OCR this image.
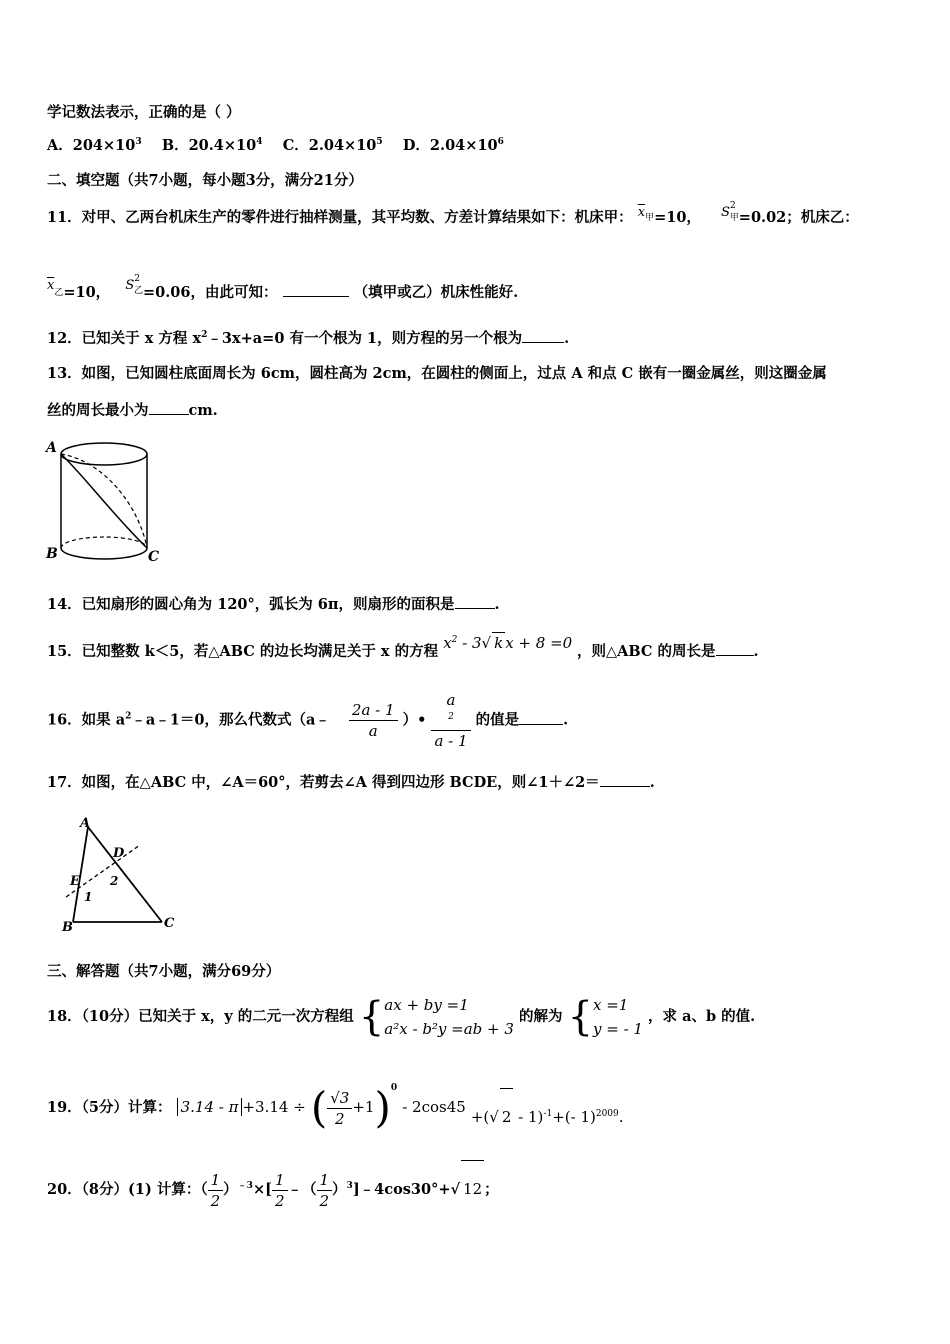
学记数法表示，正确的是（ ）
A．$204\times 10^3$ B．$20.4\times 10^4$ C．$2.04\times 10^5$ D．$2.04\times 10^6$
二、填空题（共7小题，每小题3分，满分21分）
11．对甲、乙两台机床生产的零件进行抽样测量，其平均数、方差计算结果如下：机床甲： $\overline{x}$甲=10， $S^2$甲=0.02；机床乙：
$\overline{x}$乙=10， $S^{2乙}=0.06$，由此可知：	（填甲或乙）机床性能好.
12．已知关于 x 方程 $x^2﹣3x+a=0$ 有一个根为 1，则方程的另一个根为	.
13．如图，已知圆柱底面周长为 6cm，圆柱高为 2cm，在圆柱的侧面上，过点 A 和点 C 嵌有一圈金属丝，则这圈金属
丝的周长最小为	cm.
A
B	C
14．已知扇形的圆心角为 120°，弧长为 6π，则扇形的面积是	.
15．已知整数 k＜5，若△ABC 的边长均满足关于 x 的方程 $x^2 - 3√$ k x + 8 =0 ，则△ABC 的周长是	.
16．如果 $a^2﹣a﹣1=0$，那么代数式（a﹣ $\frac{2a - 1}{a}$ ）• a
$^2$
a - 1 的值是	.
17．如图，在△ABC 中，∠A＝60°，若剪去∠A 得到四边形 BCDE，则∠1＋∠2＝	.
A
B	C
D
E
1
2
三、解答题（共7小题，满分69分）
18．（10分）已知关于 x，y 的二元一次方程组 { ax + by =1
a²x - b²y =ab + 3
的解为 { x =1
y = - 1
，求 a、b 的值.
19．（5分）计算： 3.14 - π +3.14 ÷ ( $\frac{√3}{2} +1)^0 - 2\cos 45$ +(√ 2 - 1)$^{-1}$+(- 1)$^{2009}$.
20．（8分）(1) 计算：（ $\frac{1}{2} )^{﹣3}\times[ \frac{1}{2}$ ﹣（ $\frac{1}{2}$ ）$^3$]﹣4cos30°+√ 12 ；
